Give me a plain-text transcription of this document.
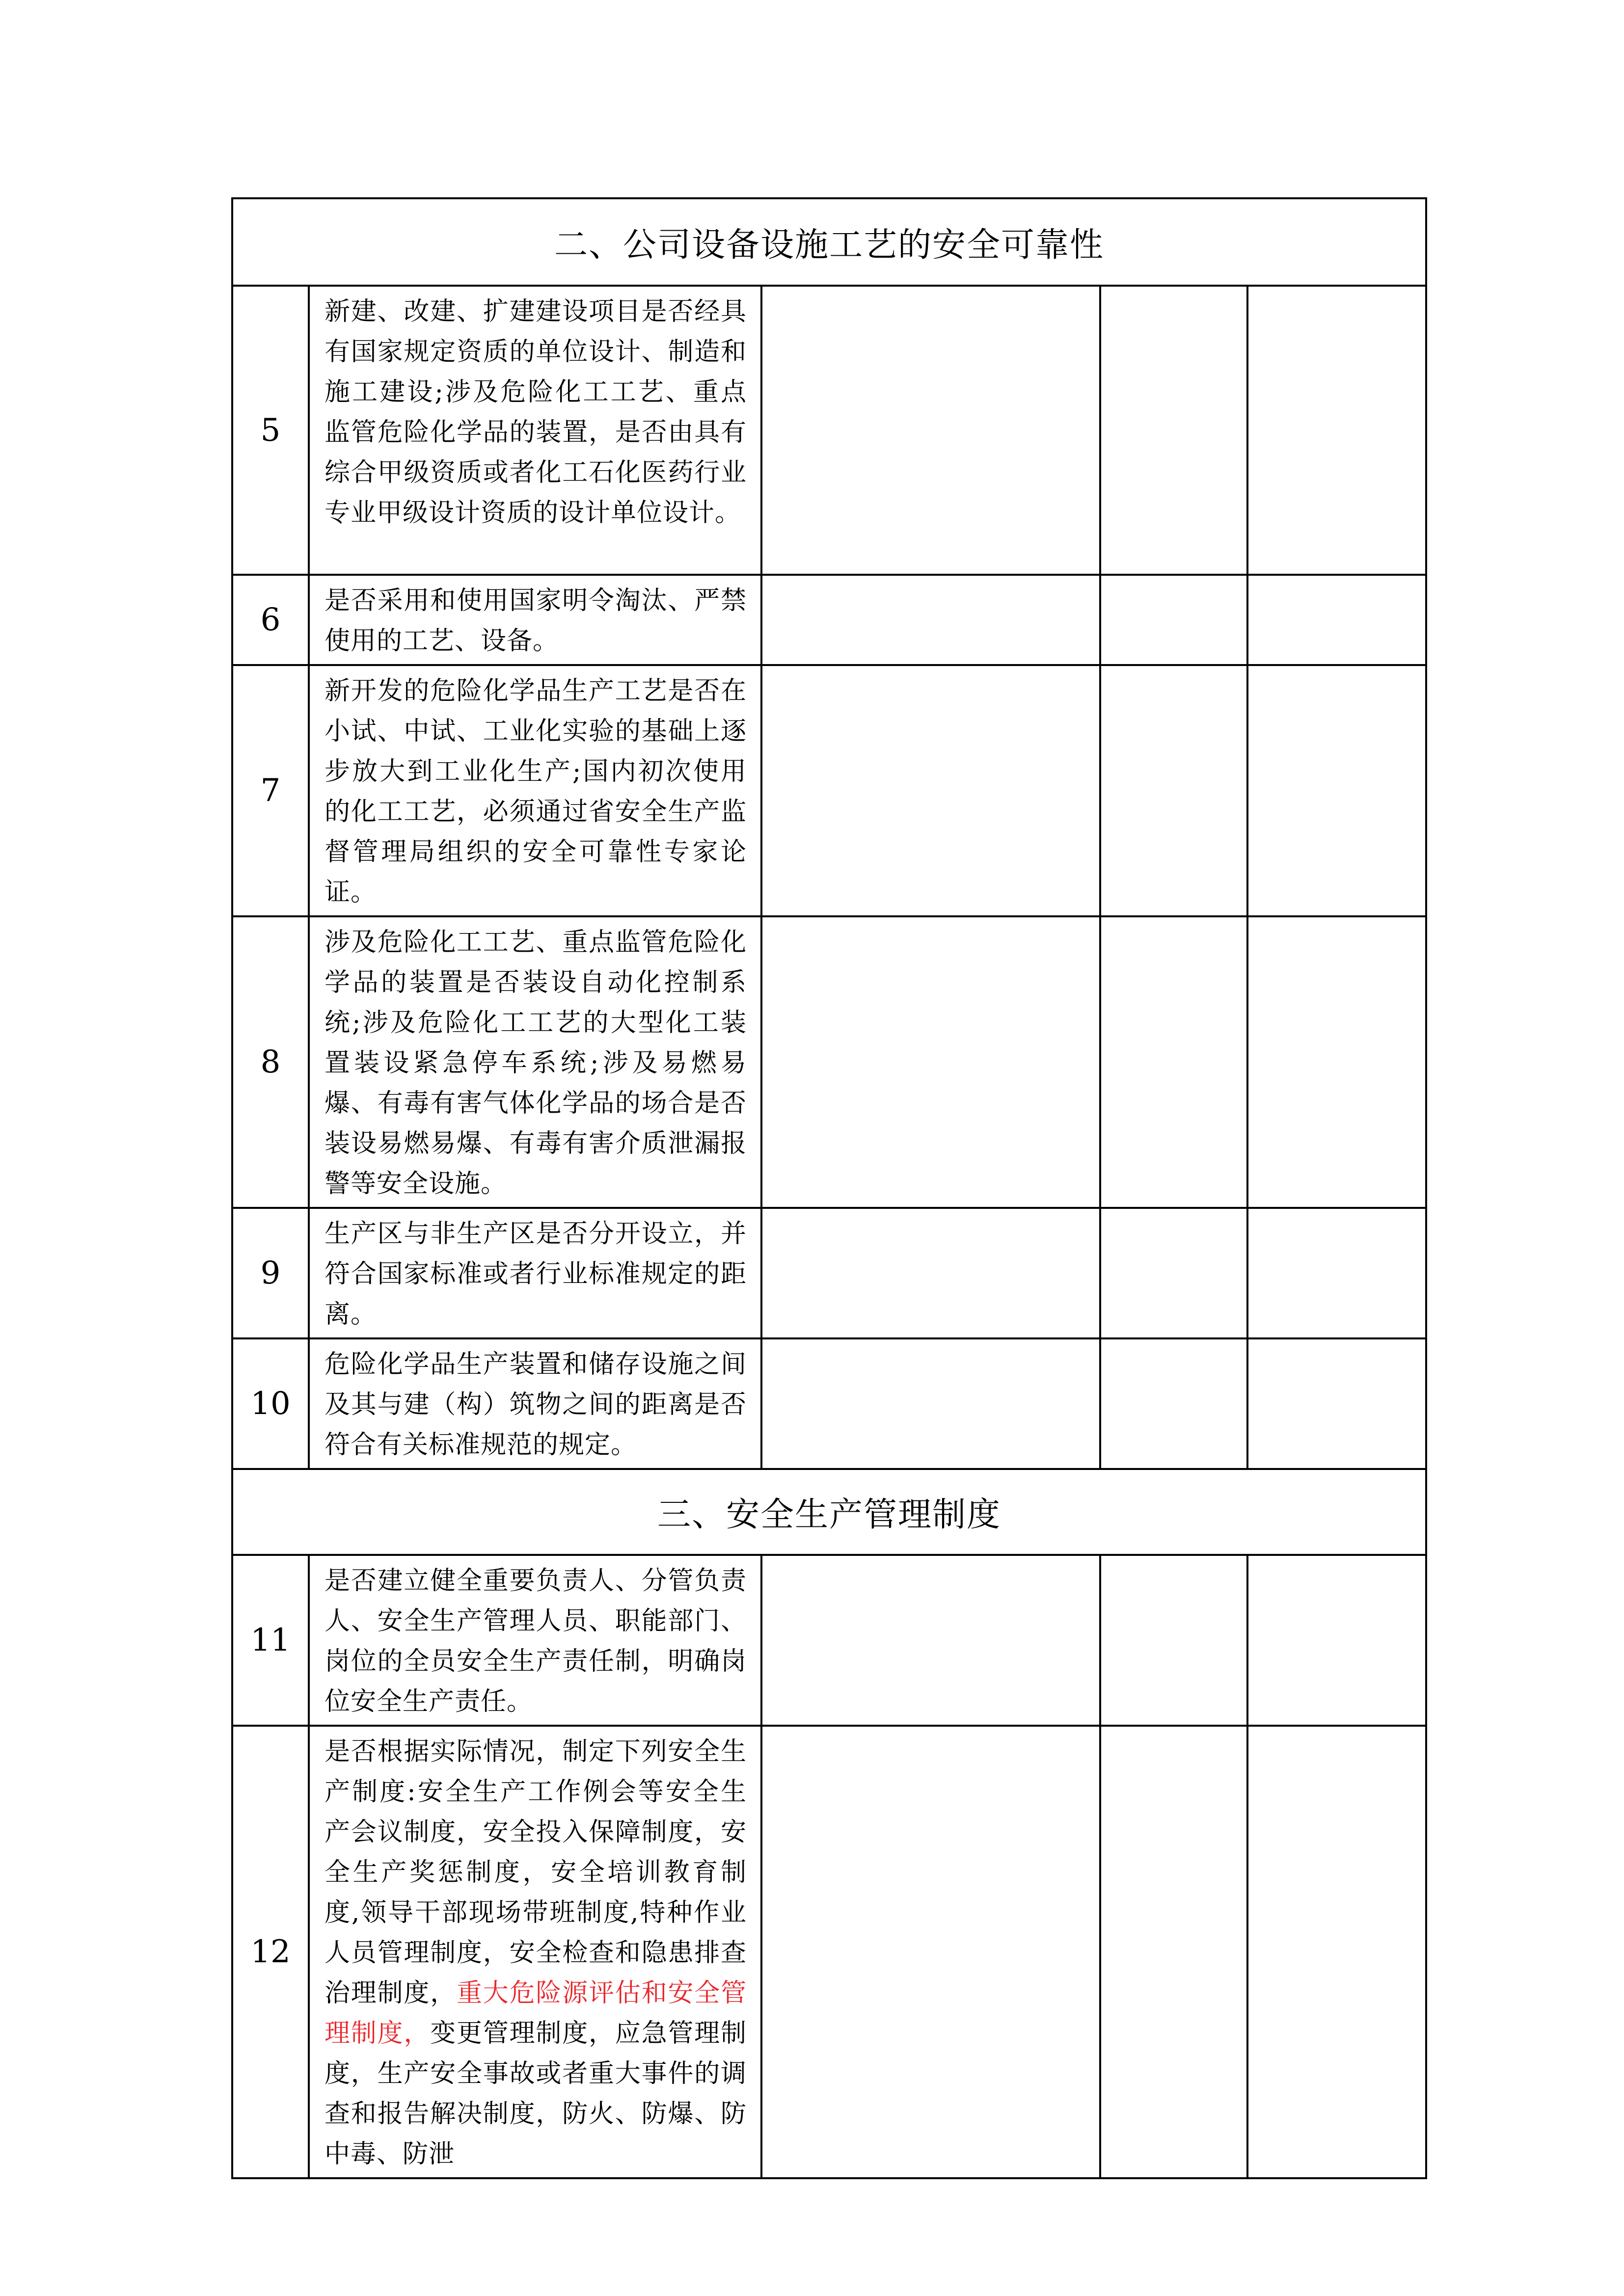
二、公司设备设施工艺的安全可靠性				
5	新建、改建、扩建建设项目是否经具有国家规定资质的单位设计、制造和施工建设;涉及危险化工工艺、重点监管危险化学品的装置，是否由具有综合甲级资质或者化工石化医药行业专业甲级设计资质的设计单位设计。			
6	是否采用和使用国家明令淘汰、严禁使用的工艺、设备。			
7	新开发的危险化学品生产工艺是否在小试、中试、工业化实验的基础上逐步放大到工业化生产;国内初次使用的化工工艺，必须通过省安全生产监督管理局组织的安全可靠性专家论证。			
8	涉及危险化工工艺、重点监管危险化学品的装置是否装设自动化控制系统;涉及危险化工工艺的大型化工装置装设紧急停车系统;涉及易燃易爆、有毒有害气体化学品的场合是否装设易燃易爆、有毒有害介质泄漏报警等安全设施。			
9	生产区与非生产区是否分开设立，并符合国家标准或者行业标准规定的距离。			
10	危险化学品生产装置和储存设施之间及其与建（构）筑物之间的距离是否符合有关标准规范的规定。			
三、安全生产管理制度				
11	是否建立健全重要负责人、分管负责人、安全生产管理人员、职能部门、岗位的全员安全生产责任制，明确岗位安全生产责任。			
12	是否根据实际情况，制定下列安全生产制度:安全生产工作例会等安全生产会议制度，安全投入保障制度，安全生产奖惩制度，安全培训教育制度,领导干部现场带班制度,特种作业人员管理制度，安全检查和隐患排查治理制度，重大危险源评估和安全管理制度，变更管理制度，应急管理制度，生产安全事故或者重大事件的调查和报告解决制度，防火、防爆、防中毒、防泄			
